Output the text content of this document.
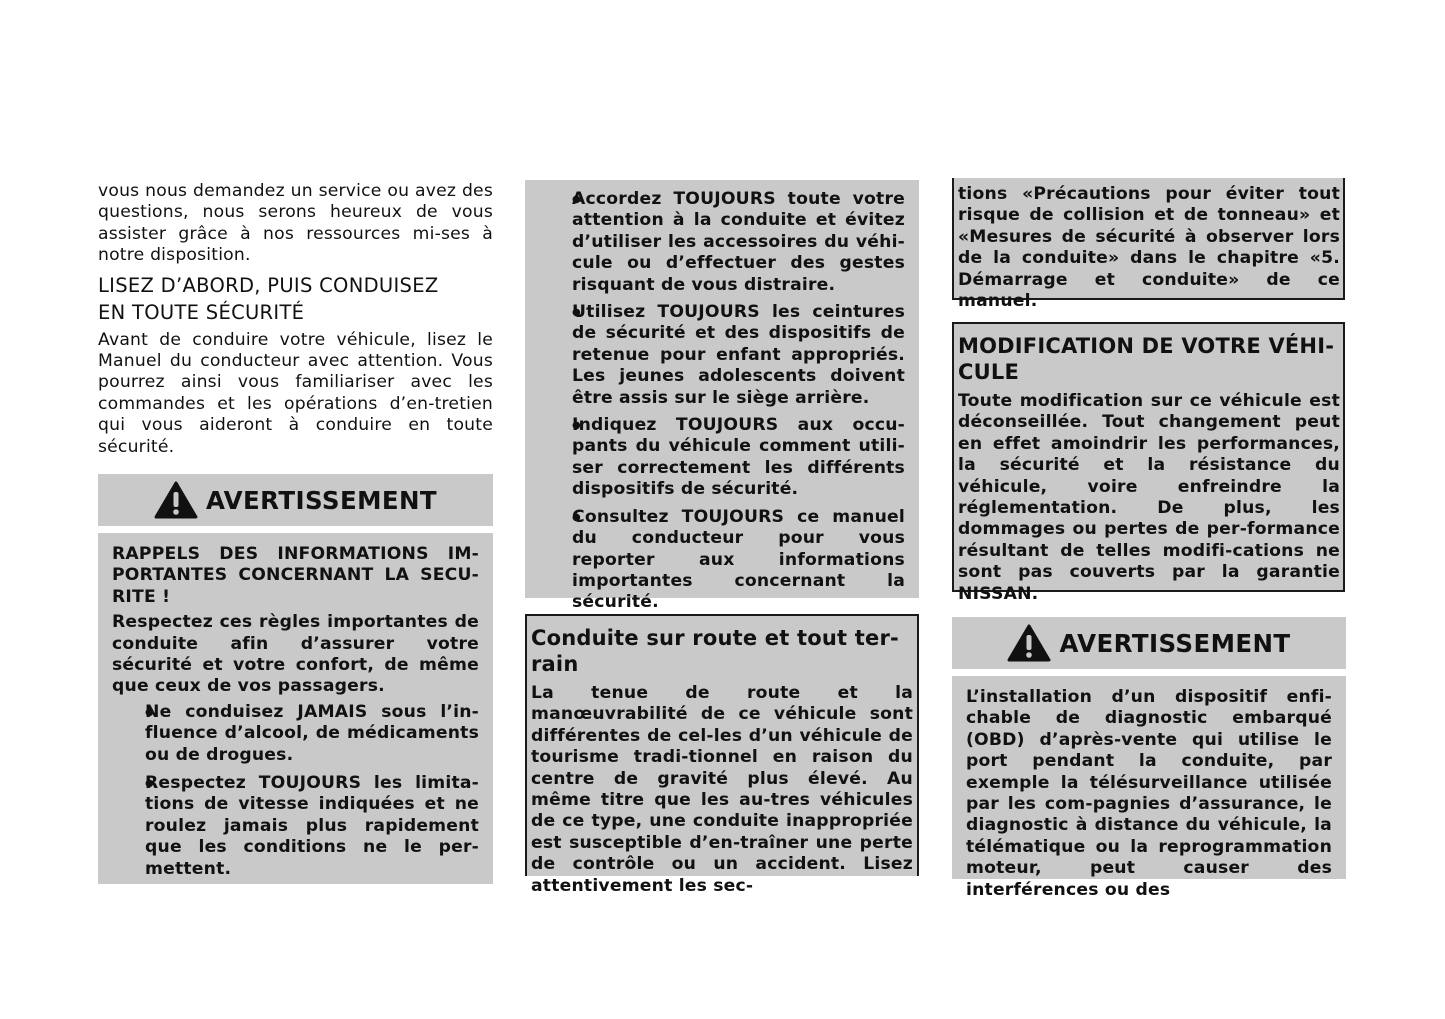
vous nous demandez un service ou avez des questions, nous serons heureux de vous assister grâce à nos ressources mi-ses à notre disposition.

LISEZ D’ABORD, PUIS CONDUISEZ
EN TOUTE SÉCURITÉ

Avant de conduire votre véhicule, lisez le Manuel du conducteur avec attention. Vous pourrez ainsi vous familiariser avec les commandes et les opérations d’en-tretien qui vous aideront à conduire en toute sécurité.

AVERTISSEMENT

RAPPELS DES INFORMATIONS IM-PORTANTES CONCERNANT LA SECU-RITE !

Respectez ces règles importantes de conduite afin d’assurer votre sécurité et votre confort, de même que ceux de vos passagers.

● Ne conduisez JAMAIS sous l’in-fluence d’alcool, de médicaments ou de drogues.
● Respectez TOUJOURS les limita-tions de vitesse indiquées et ne roulez jamais plus rapidement que les conditions ne le per-mettent.
● Accordez TOUJOURS toute votre attention à la conduite et évitez d’utiliser les accessoires du véhi-cule ou d’effectuer des gestes risquant de vous distraire.
● Utilisez TOUJOURS les ceintures de sécurité et des dispositifs de retenue pour enfant appropriés. Les jeunes adolescents doivent être assis sur le siège arrière.
● Indiquez TOUJOURS aux occu-pants du véhicule comment utili-ser correctement les différents dispositifs de sécurité.
● Consultez TOUJOURS ce manuel du conducteur pour vous reporter aux informations importantes concernant la sécurité.
Conduite sur route et tout ter-rain

La tenue de route et la manœuvrabilité de ce véhicule sont différentes de cel-les d’un véhicule de tourisme tradi-tionnel en raison du centre de gravité plus élevé. Au même titre que les au-tres véhicules de ce type, une conduite inappropriée est susceptible d’en-traîner une perte de contrôle ou un accident. Lisez attentivement les sec-

tions «Précautions pour éviter tout risque de collision et de tonneau» et «Mesures de sécurité à observer lors de la conduite» dans le chapitre «5. Démarrage et conduite» de ce manuel.

MODIFICATION DE VOTRE VÉHI-CULE

Toute modification sur ce véhicule est déconseillée. Tout changement peut en effet amoindrir les performances, la sécurité et la résistance du véhicule, voire enfreindre la réglementation. De plus, les dommages ou pertes de per-formance résultant de telles modifi-cations ne sont pas couverts par la garantie NISSAN.

AVERTISSEMENT

L’installation d’un dispositif enfi-chable de diagnostic embarqué (OBD) d’après-vente qui utilise le port pendant la conduite, par exemple la télésurveillance utilisée par les com-pagnies d’assurance, le diagnostic à distance du véhicule, la télématique ou la reprogrammation moteur, peut causer des interférences ou des
